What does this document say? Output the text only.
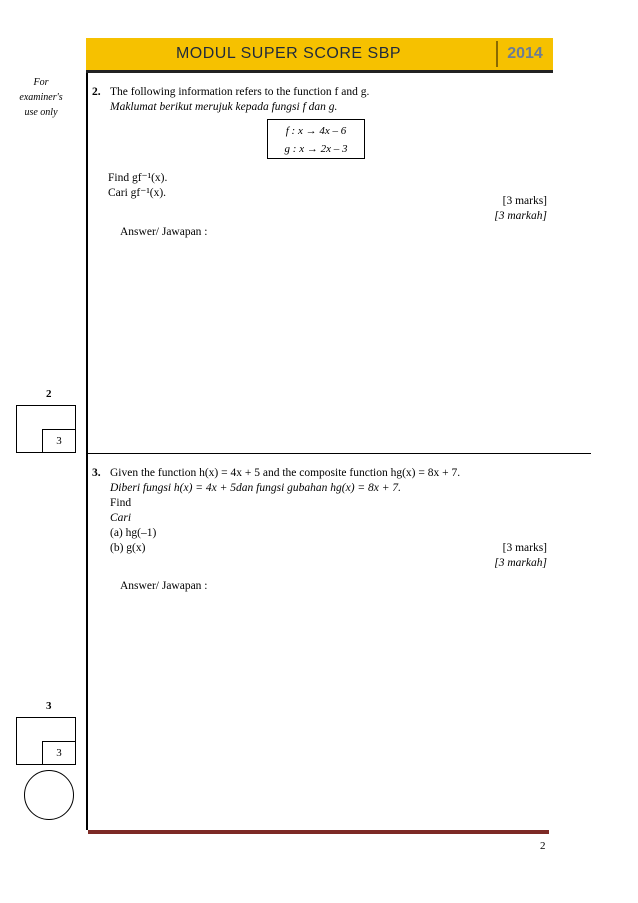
MODUL SUPER SCORE SBP	2014
For
examiner's
use only
2. The following information refers to the function f and g.
Maklumat berikut merujuk kepada fungsi f dan g.
f : x → 4x – 6
g : x → 2x – 3
Find gf⁻¹(x).
Cari gf⁻¹(x).
[3 marks]
[3 markah]
Answer/ Jawapan :
2
3
3. Given the function h(x) = 4x + 5 and the composite function hg(x) = 8x + 7.
Diberi fungsi h(x) = 4x + 5dan fungsi gubahan hg(x) = 8x + 7.
Find
Cari
(a) hg(–1)
(b) g(x)	[3 marks]
[3 markah]
Answer/ Jawapan :
3
3
2
